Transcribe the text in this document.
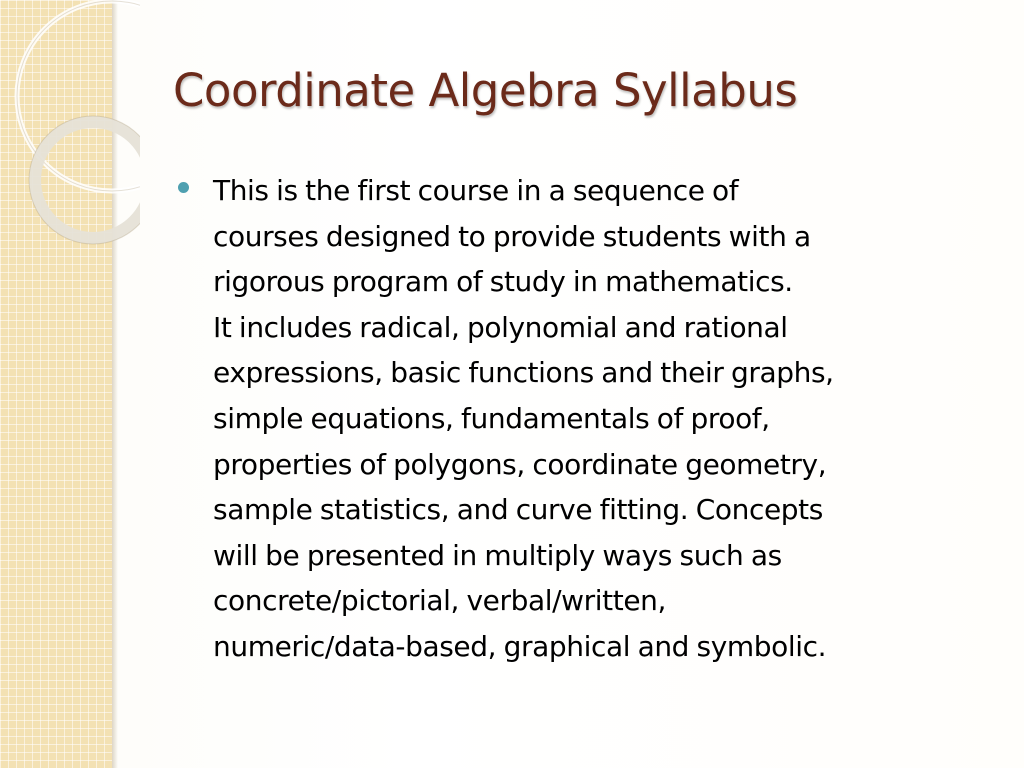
Coordinate Algebra Syllabus

This is the first course in a sequence of
courses designed to provide students with a
rigorous program of study in mathematics.
It includes radical, polynomial and rational
expressions, basic functions and their graphs,
simple equations, fundamentals of proof,
properties of polygons, coordinate geometry,
sample statistics, and curve fitting. Concepts
will be presented in multiply ways such as
concrete/pictorial, verbal/written,
numeric/data-based, graphical and symbolic.
